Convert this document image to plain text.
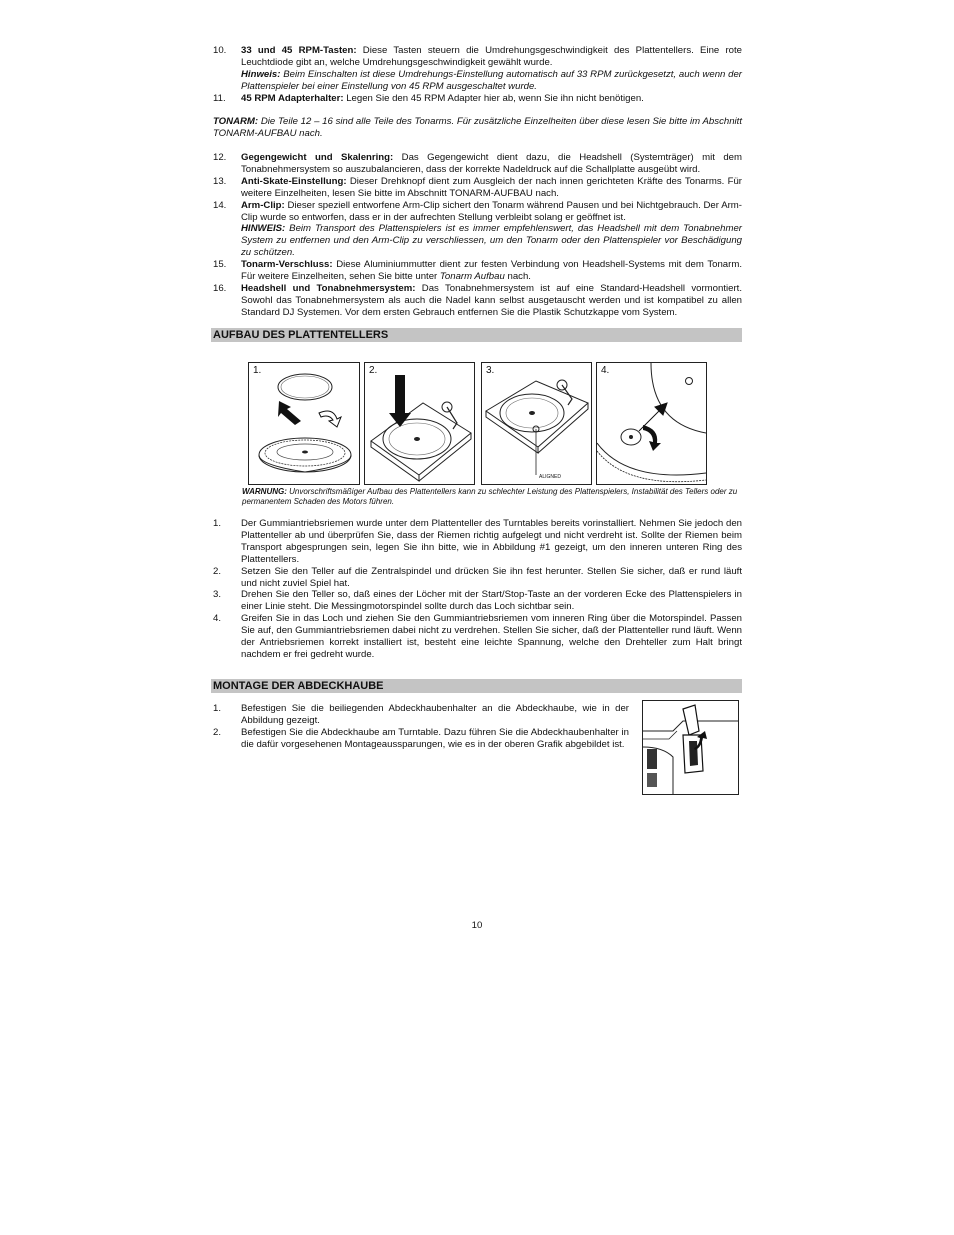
10. 33 und 45 RPM-Tasten: Diese Tasten steuern die Umdrehungsgeschwindigkeit des Plattentellers. Eine rote Leuchtdiode gibt an, welche Umdrehungsgeschwindigkeit gewählt wurde.
Hinweis: Beim Einschalten ist diese Umdrehungs-Einstellung automatisch auf 33 RPM zurückgesetzt, auch wenn der Plattenspieler bei einer Einstellung von 45 RPM ausgeschaltet wurde.
11. 45 RPM Adapterhalter: Legen Sie den 45 RPM Adapter hier ab, wenn Sie ihn nicht benötigen.
TONARM: Die Teile 12 – 16 sind alle Teile des Tonarms. Für zusätzliche Einzelheiten über diese lesen Sie bitte im Abschnitt TONARM-AUFBAU nach.
12. Gegengewicht und Skalenring: Das Gegengewicht dient dazu, die Headshell (Systemträger) mit dem Tonabnehmersystem so auszubalancieren, dass der korrekte Nadeldruck auf die Schallplatte ausgeübt wird.
13. Anti-Skate-Einstellung: Dieser Drehknopf dient zum Ausgleich der nach innen gerichteten Kräfte des Tonarms. Für weitere Einzelheiten, lesen Sie bitte im Abschnitt TONARM-AUFBAU nach.
14. Arm-Clip: Dieser speziell entworfene Arm-Clip sichert den Tonarm während Pausen und bei Nichtgebrauch. Der Arm-Clip wurde so entworfen, dass er in der aufrechten Stellung verbleibt solang er geöffnet ist.
HINWEIS: Beim Transport des Plattenspielers ist es immer empfehlenswert, das Headshell mit dem Tonabnehmer System zu entfernen und den Arm-Clip zu verschliessen, um den Tonarm oder den Plattenspieler vor Beschädigung zu schützen.
15. Tonarm-Verschluss: Diese Aluminiummutter dient zur festen Verbindung von Headshell-Systems mit dem Tonarm. Für weitere Einzelheiten, sehen Sie bitte unter Tonarm Aufbau nach.
16. Headshell und Tonabnehmersystem: Das Tonabnehmersystem ist auf eine Standard-Headshell vormontiert. Sowohl das Tonabnehmersystem als auch die Nadel kann selbst ausgetauscht werden und ist kompatibel zu allen Standard DJ Systemen. Vor dem ersten Gebrauch entfernen Sie die Plastik Schutzkappe vom System.
AUFBAU DES PLATTENTELLERS
1.	2.	3.
ALIGNED
4.
WARNUNG: Unvorschriftsmäßiger Aufbau des Plattentellers kann zu schlechter Leistung des Plattenspielers, Instabilität des Tellers oder zu permanentem Schaden des Motors führen.
1. Der Gummiantriebsriemen wurde unter dem Plattenteller des Turntables bereits vorinstalliert. Nehmen Sie jedoch den Plattenteller ab und überprüfen Sie, dass der Riemen richtig aufgelegt und nicht verdreht ist. Sollte der Riemen beim Transport abgesprungen sein, legen Sie ihn bitte, wie in Abbildung #1 gezeigt, um den inneren unteren Ring des Plattentellers.
2. Setzen Sie den Teller auf die Zentralspindel und drücken Sie ihn fest herunter. Stellen Sie sicher, daß er rund läuft und nicht zuviel Spiel hat.
3. Drehen Sie den Teller so, daß eines der Löcher mit der Start/Stop-Taste an der vorderen Ecke des Plattenspielers in einer Linie steht. Die Messingmotorspindel sollte durch das Loch sichtbar sein.
4. Greifen Sie in das Loch und ziehen Sie den Gummiantriebsriemen vom inneren Ring über die Motorspindel. Passen Sie auf, den Gummiantriebsriemen dabei nicht zu verdrehen. Stellen Sie sicher, daß der Plattenteller rund läuft. Wenn der Antriebsriemen korrekt installiert ist, besteht eine leichte Spannung, welche den Drehteller zum Halt bringt nachdem er frei gedreht wurde.
MONTAGE DER ABDECKHAUBE
1. Befestigen Sie die beiliegenden Abdeckhaubenhalter an die Abdeckhaube, wie in der Abbildung gezeigt.
2. Befestigen Sie die Abdeckhaube am Turntable. Dazu führen Sie die Abdeckhaubenhalter in die dafür vorgesehenen Montageaussparungen, wie es in der oberen Grafik abgebildet ist.
10
